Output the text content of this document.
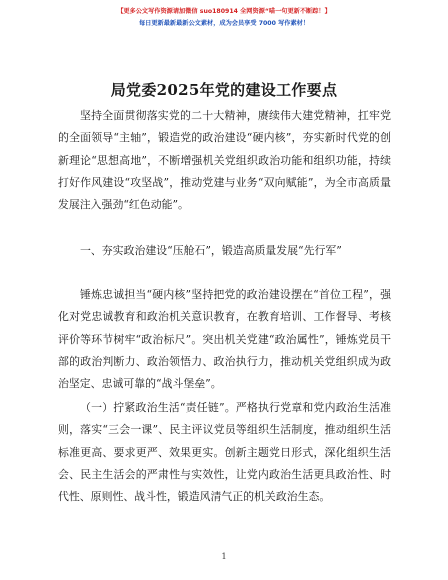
【更多公文写作资源请加微信 suo180914 全网资源“喵一句更新不断踪！】
每日更新最新最新公文素材，成为会员享受 7000 写作素材！
局党委2025年党的建设工作要点

坚持全面贯彻落实党的二十大精神，赓续伟大建党精神，扛牢党的全面领导“主轴”，锻造党的政治建设“硬内核”，夯实新时代党的创新理论“思想高地”，不断增强机关党组织政治功能和组织功能，持续打好作风建设“攻坚战”，推动党建与业务“双向赋能”，为全市高质量发展注入强劲“红色动能”。

一、夯实政治建设“压舱石”，锻造高质量发展“先行军”

锤炼忠诚担当“硬内核”坚持把党的政治建设摆在“首位工程”，强化对党忠诚教育和政治机关意识教育，在教育培训、工作督导、考核评价等环节树牢“政治标尺”。突出机关党建“政治属性”，锤炼党员干部的政治判断力、政治领悟力、政治执行力，推动机关党组织成为政治坚定、忠诚可靠的“战斗堡垒”。

（一）拧紧政治生活“责任链”。严格执行党章和党内政治生活准则，落实“三会一课”、民主评议党员等组织生活制度，推动组织生活标准更高、要求更严、效果更实。创新主题党日形式，深化组织生活会、民主生活会的严肃性与实效性，让党内政治生活更具政治性、时代性、原则性、战斗性，锻造风清气正的机关政治生态。

1
